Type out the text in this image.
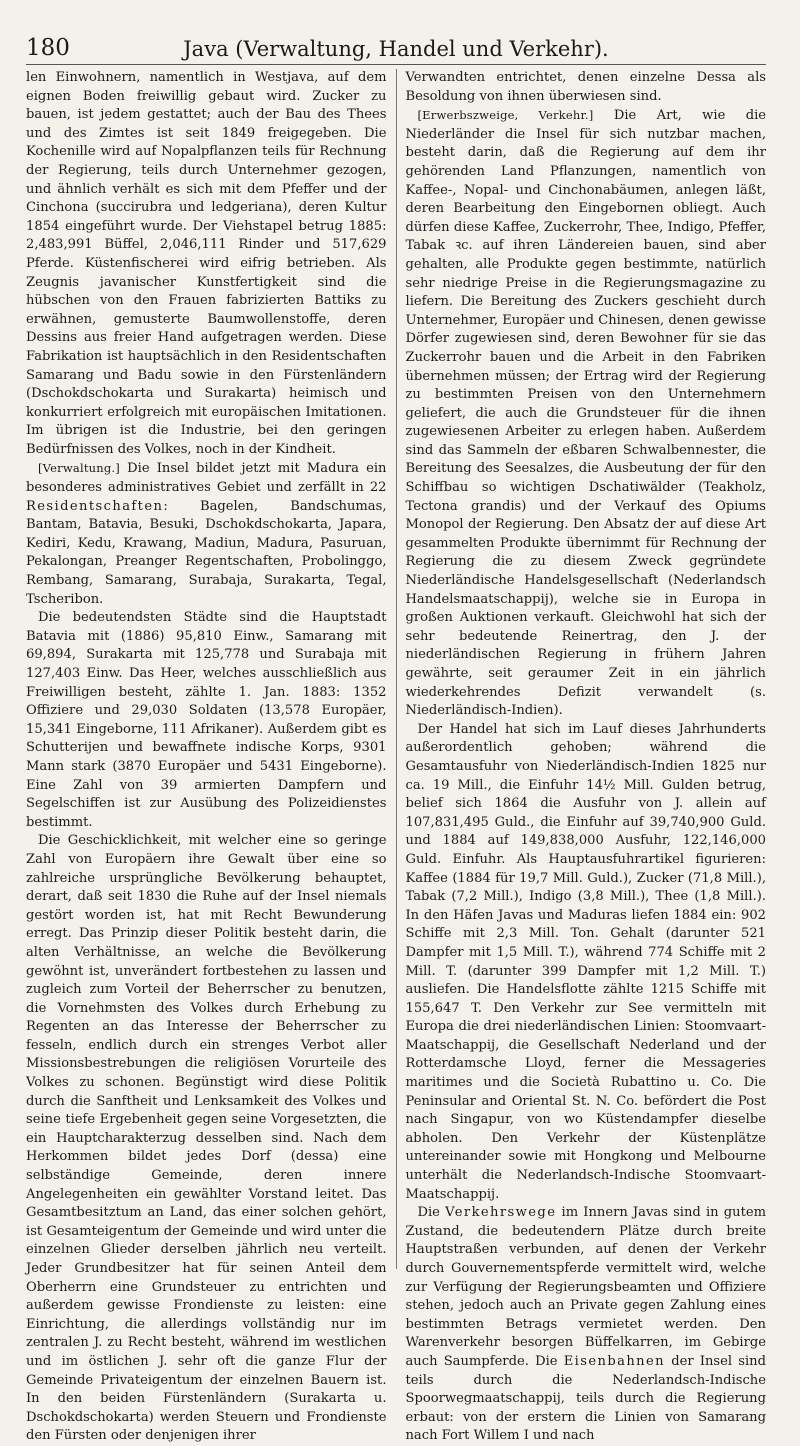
180	Java (Verwaltung, Handel und Verkehr).

len Einwohnern, namentlich in Westjava, auf dem eignen Boden freiwillig gebaut wird. Zucker zu bauen, ist jedem gestattet; auch der Bau des Thees und des Zimtes ist seit 1849 freigegeben. Die Kochenille wird auf Nopalpflanzen teils für Rechnung der Regierung, teils durch Unternehmer gezogen, und ähnlich verhält es sich mit dem Pfeffer und der Cinchona (succirubra und ledgeriana), deren Kultur 1854 eingeführt wurde. Der Viehstapel betrug 1885: 2,483,991 Büffel, 2,046,111 Rinder und 517,629 Pferde. Küstenfischerei wird eifrig betrieben. Als Zeugnis javanischer Kunstfertigkeit sind die hübschen von den Frauen fabrizierten Battiks zu erwähnen, gemusterte Baumwollenstoffe, deren Dessins aus freier Hand aufgetragen werden. Diese Fabrikation ist hauptsächlich in den Residentschaften Samarang und Badu sowie in den Fürstenländern (Dschokdschokarta und Surakarta) heimisch und konkurriert erfolgreich mit europäischen Imitationen. Im übrigen ist die Industrie, bei den geringen Bedürfnissen des Volkes, noch in der Kindheit.

[Verwaltung.] Die Insel bildet jetzt mit Madura ein besonderes administratives Gebiet und zerfällt in 22 Residentschaften: Bagelen, Bandschumas, Bantam, Batavia, Besuki, Dschokdschokarta, Japara, Kediri, Kedu, Krawang, Madiun, Madura, Pasuruan, Pekalongan, Preanger Regentschaften, Probolinggo, Rembang, Samarang, Surabaja, Surakarta, Tegal, Tscheribon.

Die bedeutendsten Städte sind die Hauptstadt Batavia mit (1886) 95,810 Einw., Samarang mit 69,894, Surakarta mit 125,778 und Surabaja mit 127,403 Einw. Das Heer, welches ausschließlich aus Freiwilligen besteht, zählte 1. Jan. 1883: 1352 Offiziere und 29,030 Soldaten (13,578 Europäer, 15,341 Eingeborne, 111 Afrikaner). Außerdem gibt es Schutterijen und bewaffnete indische Korps, 9301 Mann stark (3870 Europäer und 5431 Eingeborne). Eine Zahl von 39 armierten Dampfern und Segelschiffen ist zur Ausübung des Polizeidienstes bestimmt.

Die Geschicklichkeit, mit welcher eine so geringe Zahl von Europäern ihre Gewalt über eine so zahlreiche ursprüngliche Bevölkerung behauptet, derart, daß seit 1830 die Ruhe auf der Insel niemals gestört worden ist, hat mit Recht Bewunderung erregt. Das Prinzip dieser Politik besteht darin, die alten Verhältnisse, an welche die Bevölkerung gewöhnt ist, unverändert fortbestehen zu lassen und zugleich zum Vorteil der Beherrscher zu benutzen, die Vornehmsten des Volkes durch Erhebung zu Regenten an das Interesse der Beherrscher zu fesseln, endlich durch ein strenges Verbot aller Missionsbestrebungen die religiösen Vorurteile des Volkes zu schonen. Begünstigt wird diese Politik durch die Sanftheit und Lenksamkeit des Volkes und seine tiefe Ergebenheit gegen seine Vorgesetzten, die ein Hauptcharakterzug desselben sind. Nach dem Herkommen bildet jedes Dorf (dessa) eine selbständige Gemeinde, deren innere Angelegenheiten ein gewählter Vorstand leitet. Das Gesamtbesitztum an Land, das einer solchen gehört, ist Gesamteigentum der Gemeinde und wird unter die einzelnen Glieder derselben jährlich neu verteilt. Jeder Grundbesitzer hat für seinen Anteil dem Oberherrn eine Grundsteuer zu entrichten und außerdem gewisse Frondienste zu leisten: eine Einrichtung, die allerdings vollständig nur im zentralen J. zu Recht besteht, während im westlichen und im östlichen J. sehr oft die ganze Flur der Gemeinde Privateigentum der einzelnen Bauern ist. In den beiden Fürstenländern (Surakarta u. Dschokdschokarta) werden Steuern und Frondienste den Fürsten oder denjenigen ihrer

Verwandten entrichtet, denen einzelne Dessa als Besoldung von ihnen überwiesen sind.

[Erwerbszweige, Verkehr.] Die Art, wie die Niederländer die Insel für sich nutzbar machen, besteht darin, daß die Regierung auf dem ihr gehörenden Land Pflanzungen, namentlich von Kaffee-, Nopal- und Cinchonabäumen, anlegen läßt, deren Bearbeitung den Eingebornen obliegt. Auch dürfen diese Kaffee, Zuckerrohr, Thee, Indigo, Pfeffer, Tabak ꝛc. auf ihren Ländereien bauen, sind aber gehalten, alle Produkte gegen bestimmte, natürlich sehr niedrige Preise in die Regierungsmagazine zu liefern. Die Bereitung des Zuckers geschieht durch Unternehmer, Europäer und Chinesen, denen gewisse Dörfer zugewiesen sind, deren Bewohner für sie das Zuckerrohr bauen und die Arbeit in den Fabriken übernehmen müssen; der Ertrag wird der Regierung zu bestimmten Preisen von den Unternehmern geliefert, die auch die Grundsteuer für die ihnen zugewiesenen Arbeiter zu erlegen haben. Außerdem sind das Sammeln der eßbaren Schwalbennester, die Bereitung des Seesalzes, die Ausbeutung der für den Schiffbau so wichtigen Dschatiwälder (Teakholz, Tectona grandis) und der Verkauf des Opiums Monopol der Regierung. Den Absatz der auf diese Art gesammelten Produkte übernimmt für Rechnung der Regierung die zu diesem Zweck gegründete Niederländische Handelsgesellschaft (Nederlandsch Handelsmaatschappij), welche sie in Europa in großen Auktionen verkauft. Gleichwohl hat sich der sehr bedeutende Reinertrag, den J. der niederländischen Regierung in frühern Jahren gewährte, seit geraumer Zeit in ein jährlich wiederkehrendes Defizit verwandelt (s. Niederländisch-Indien).

Der Handel hat sich im Lauf dieses Jahrhunderts außerordentlich gehoben; während die Gesamtausfuhr von Niederländisch-Indien 1825 nur ca. 19 Mill., die Einfuhr 14½ Mill. Gulden betrug, belief sich 1864 die Ausfuhr von J. allein auf 107,831,495 Guld., die Einfuhr auf 39,740,900 Guld. und 1884 auf 149,838,000 Ausfuhr, 122,146,000 Guld. Einfuhr. Als Hauptausfuhrartikel figurieren: Kaffee (1884 für 19,7 Mill. Guld.), Zucker (71,8 Mill.), Tabak (7,2 Mill.), Indigo (3,8 Mill.), Thee (1,8 Mill.). In den Häfen Javas und Maduras liefen 1884 ein: 902 Schiffe mit 2,3 Mill. Ton. Gehalt (darunter 521 Dampfer mit 1,5 Mill. T.), während 774 Schiffe mit 2 Mill. T. (darunter 399 Dampfer mit 1,2 Mill. T.) ausliefen. Die Handelsflotte zählte 1215 Schiffe mit 155,647 T. Den Verkehr zur See vermitteln mit Europa die drei niederländischen Linien: Stoomvaart-Maatschappij, die Gesellschaft Nederland und der Rotterdamsche Lloyd, ferner die Messageries maritimes und die Società Rubattino u. Co. Die Peninsular and Oriental St. N. Co. befördert die Post nach Singapur, von wo Küstendampfer dieselbe abholen. Den Verkehr der Küstenplätze untereinander sowie mit Hongkong und Melbourne unterhält die Nederlandsch-Indische Stoomvaart-Maatschappij.

Die Verkehrswege im Innern Javas sind in gutem Zustand, die bedeutendern Plätze durch breite Hauptstraßen verbunden, auf denen der Verkehr durch Gouvernementspferde vermittelt wird, welche zur Verfügung der Regierungsbeamten und Offiziere stehen, jedoch auch an Private gegen Zahlung eines bestimmten Betrags vermietet werden. Den Warenverkehr besorgen Büffelkarren, im Gebirge auch Saumpferde. Die Eisenbahnen der Insel sind teils durch die Nederlandsch-Indische Spoorwegmaatschappij, teils durch die Regierung erbaut: von der erstern die Linien von Samarang nach Fort Willem I und nach
